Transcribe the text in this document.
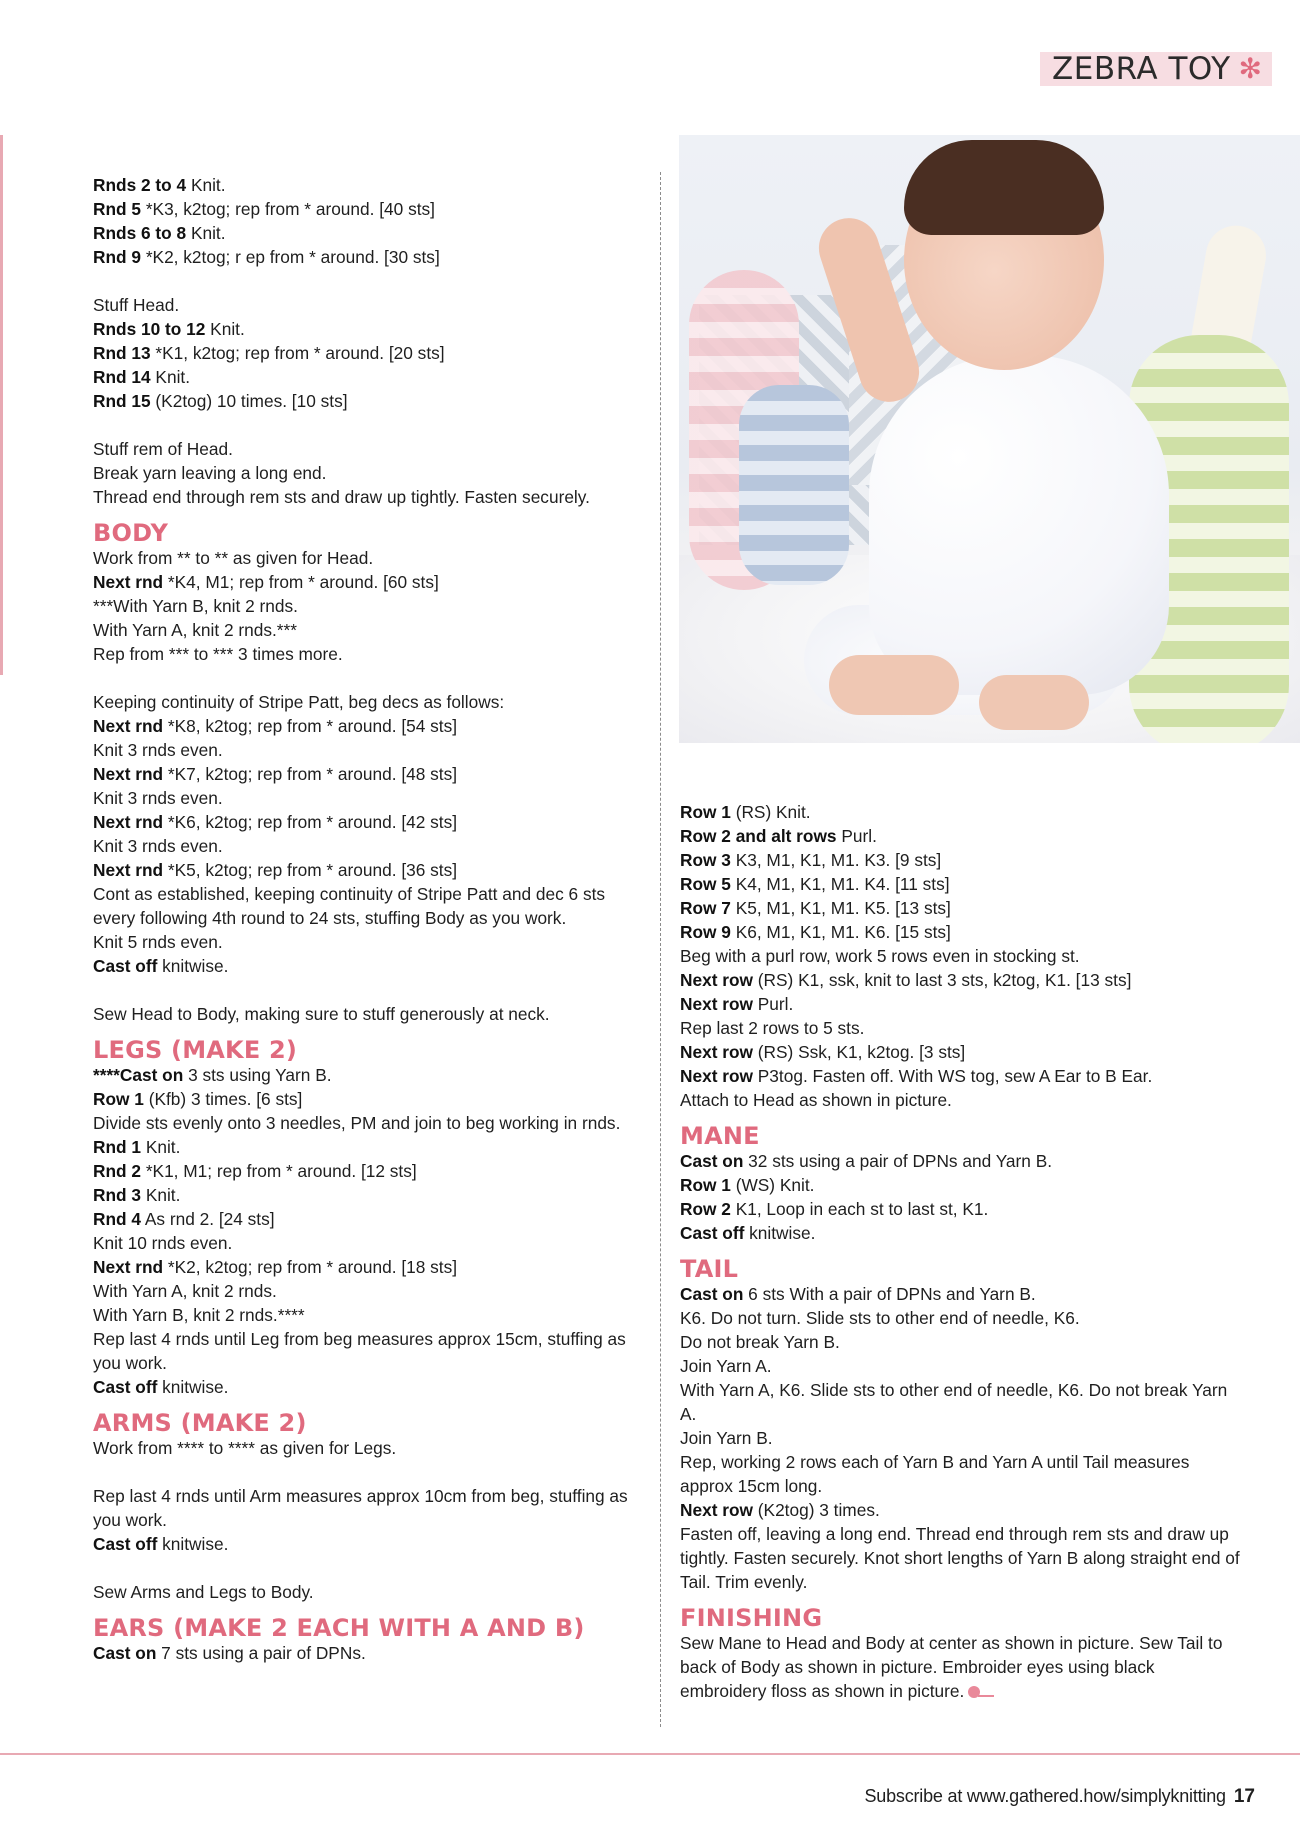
ZEBRA TOY ✻

Rnds 2 to 4 Knit.

Rnd 5 *K3, k2tog; rep from * around. [40 sts]

Rnds 6 to 8 Knit.

Rnd 9 *K2, k2tog; r ep from * around. [30 sts]

Stuff Head.

Rnds 10 to 12 Knit.

Rnd 13 *K1, k2tog; rep from * around. [20 sts]

Rnd 14 Knit.

Rnd 15 (K2tog) 10 times. [10 sts]

Stuff rem of Head.

Break yarn leaving a long end.

Thread end through rem sts and draw up tightly. Fasten securely.

BODY

Work from ** to ** as given for Head.

Next rnd *K4, M1; rep from * around. [60 sts]

***With Yarn B, knit 2 rnds.

With Yarn A, knit 2 rnds.***

Rep from *** to *** 3 times more.

Keeping continuity of Stripe Patt, beg decs as follows:

Next rnd *K8, k2tog; rep from * around. [54 sts]

Knit 3 rnds even.

Next rnd *K7, k2tog; rep from * around. [48 sts]

Knit 3 rnds even.

Next rnd *K6, k2tog; rep from * around. [42 sts]

Knit 3 rnds even.

Next rnd *K5, k2tog; rep from * around. [36 sts]

Cont as established, keeping continuity of Stripe Patt and dec 6 sts every following 4th round to 24 sts, stuffing Body as you work.

Knit 5 rnds even.

Cast off knitwise.

Sew Head to Body, making sure to stuff generously at neck.

LEGS (MAKE 2)

****Cast on 3 sts using Yarn B.

Row 1 (Kfb) 3 times. [6 sts]

Divide sts evenly onto 3 needles, PM and join to beg working in rnds.

Rnd 1 Knit.

Rnd 2 *K1, M1; rep from * around. [12 sts]

Rnd 3 Knit.

Rnd 4 As rnd 2. [24 sts]

Knit 10 rnds even.

Next rnd *K2, k2tog; rep from * around. [18 sts]

With Yarn A, knit 2 rnds.

With Yarn B, knit 2 rnds.****

Rep last 4 rnds until Leg from beg measures approx 15cm, stuffing as you work.

Cast off knitwise.

ARMS (MAKE 2)

Work from **** to **** as given for Legs.

Rep last 4 rnds until Arm measures approx 10cm from beg, stuffing as you work.

Cast off knitwise.

Sew Arms and Legs to Body.

EARS (MAKE 2 EACH WITH A AND B)

Cast on 7 sts using a pair of DPNs.

Row 1 (RS) Knit.

Row 2 and alt rows Purl.

Row 3 K3, M1, K1, M1. K3. [9 sts]

Row 5 K4, M1, K1, M1. K4. [11 sts]

Row 7 K5, M1, K1, M1. K5. [13 sts]

Row 9 K6, M1, K1, M1. K6. [15 sts]

Beg with a purl row, work 5 rows even in stocking st.

Next row (RS) K1, ssk, knit to last 3 sts, k2tog, K1. [13 sts]

Next row Purl.

Rep last 2 rows to 5 sts.

Next row (RS) Ssk, K1, k2tog. [3 sts]

Next row P3tog. Fasten off. With WS tog, sew A Ear to B Ear.

Attach to Head as shown in picture.

MANE

Cast on 32 sts using a pair of DPNs and Yarn B.

Row 1 (WS) Knit.

Row 2 K1, Loop in each st to last st, K1.

Cast off knitwise.

TAIL

Cast on 6 sts With a pair of DPNs and Yarn B.

K6. Do not turn. Slide sts to other end of needle, K6.

Do not break Yarn B.

Join Yarn A.

With Yarn A, K6. Slide sts to other end of needle, K6. Do not break Yarn A.

Join Yarn B.

Rep, working 2 rows each of Yarn B and Yarn A until Tail measures approx 15cm long.

Next row (K2tog) 3 times.

Fasten off, leaving a long end. Thread end through rem sts and draw up tightly. Fasten securely. Knot short lengths of Yarn B along straight end of Tail. Trim evenly.

FINISHING

Sew Mane to Head and Body at center as shown in picture. Sew Tail to back of Body as shown in picture. Embroider eyes using black embroidery floss as shown in picture.

Subscribe at www.gathered.how/simplyknitting 17
